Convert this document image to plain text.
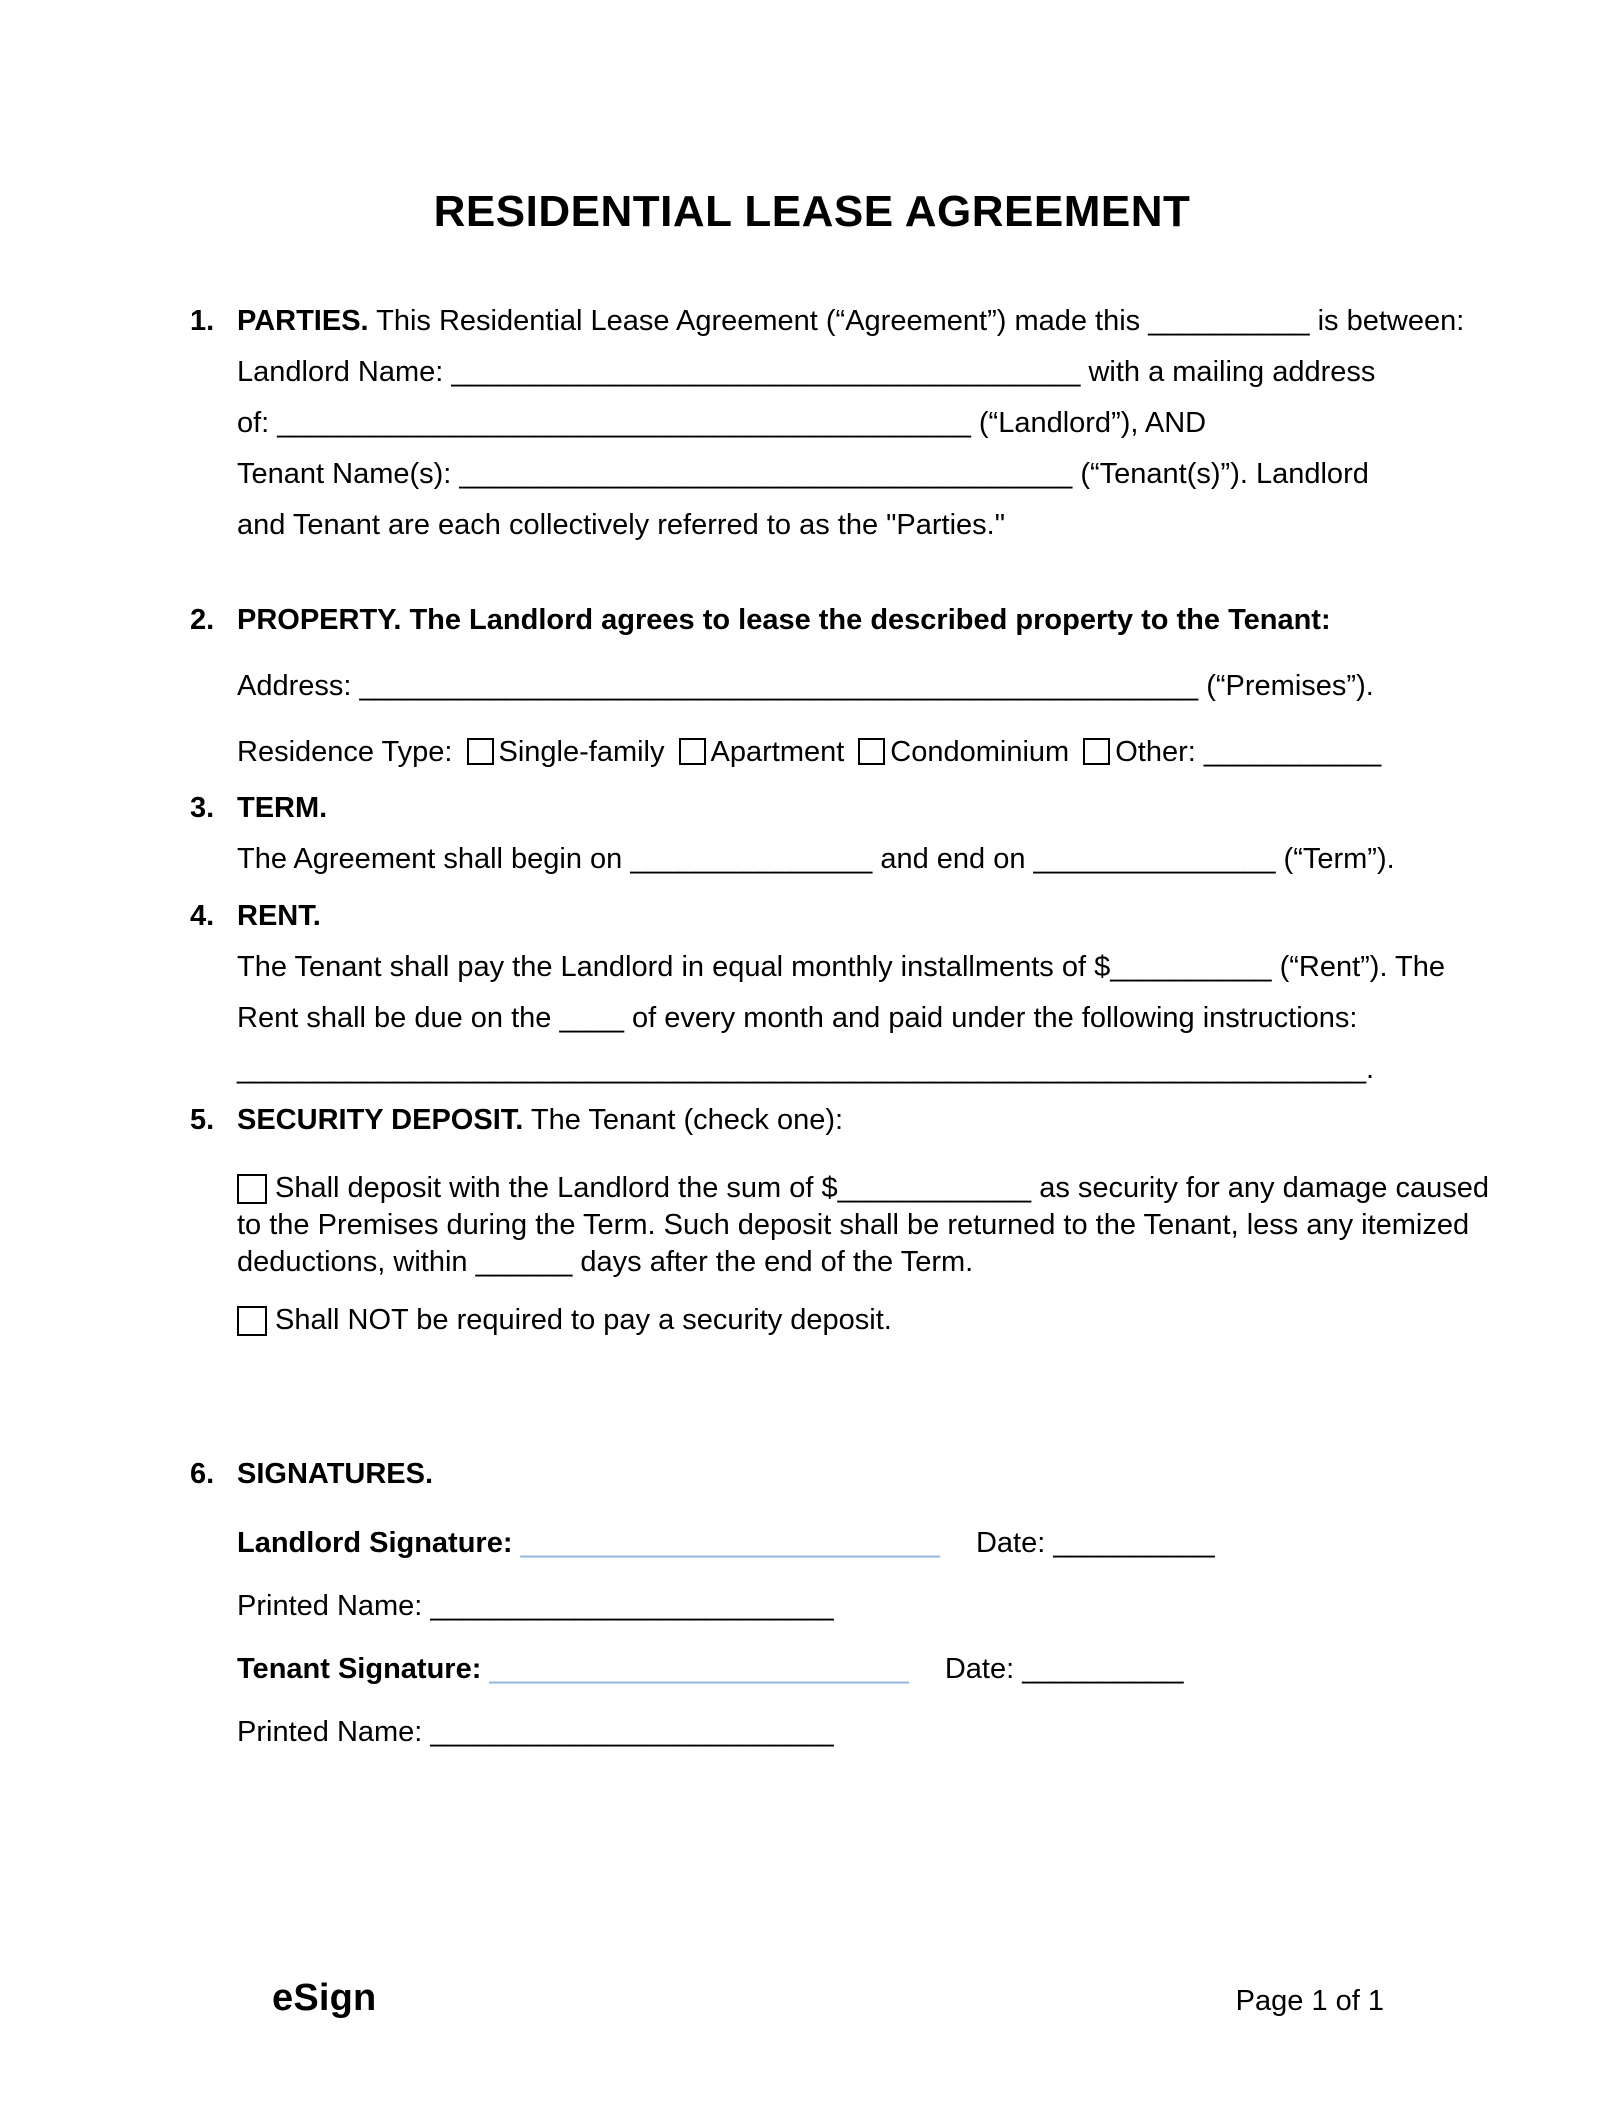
RESIDENTIAL LEASE AGREEMENT
1. PARTIES. This Residential Lease Agreement (“Agreement”) made this __________ is between:
Landlord Name: _______________________________________ with a mailing address
of: ___________________________________________ (“Landlord”), AND
Tenant Name(s): ______________________________________ (“Tenant(s)”). Landlord
and Tenant are each collectively referred to as the "Parties."
2. PROPERTY. The Landlord agrees to lease the described property to the Tenant:
Address: ____________________________________________________ (“Premises”).
Residence Type: Single-family Apartment Condominium Other: ___________
3. TERM.
The Agreement shall begin on _______________ and end on _______________ (“Term”).
4. RENT.
The Tenant shall pay the Landlord in equal monthly installments of $__________ (“Rent”). The
Rent shall be due on the ____ of every month and paid under the following instructions:
______________________________________________________________________.
5. SECURITY DEPOSIT. The Tenant (check one):
Shall deposit with the Landlord the sum of $____________ as security for any damage caused
to the Premises during the Term. Such deposit shall be returned to the Tenant, less any itemized
deductions, within ______ days after the end of the Term.
Shall NOT be required to pay a security deposit.
6. SIGNATURES.
Landlord Signature: __________________________ Date: __________
Printed Name: _________________________
Tenant Signature: __________________________ Date: __________
Printed Name: _________________________
eSign	Page 1 of 1
